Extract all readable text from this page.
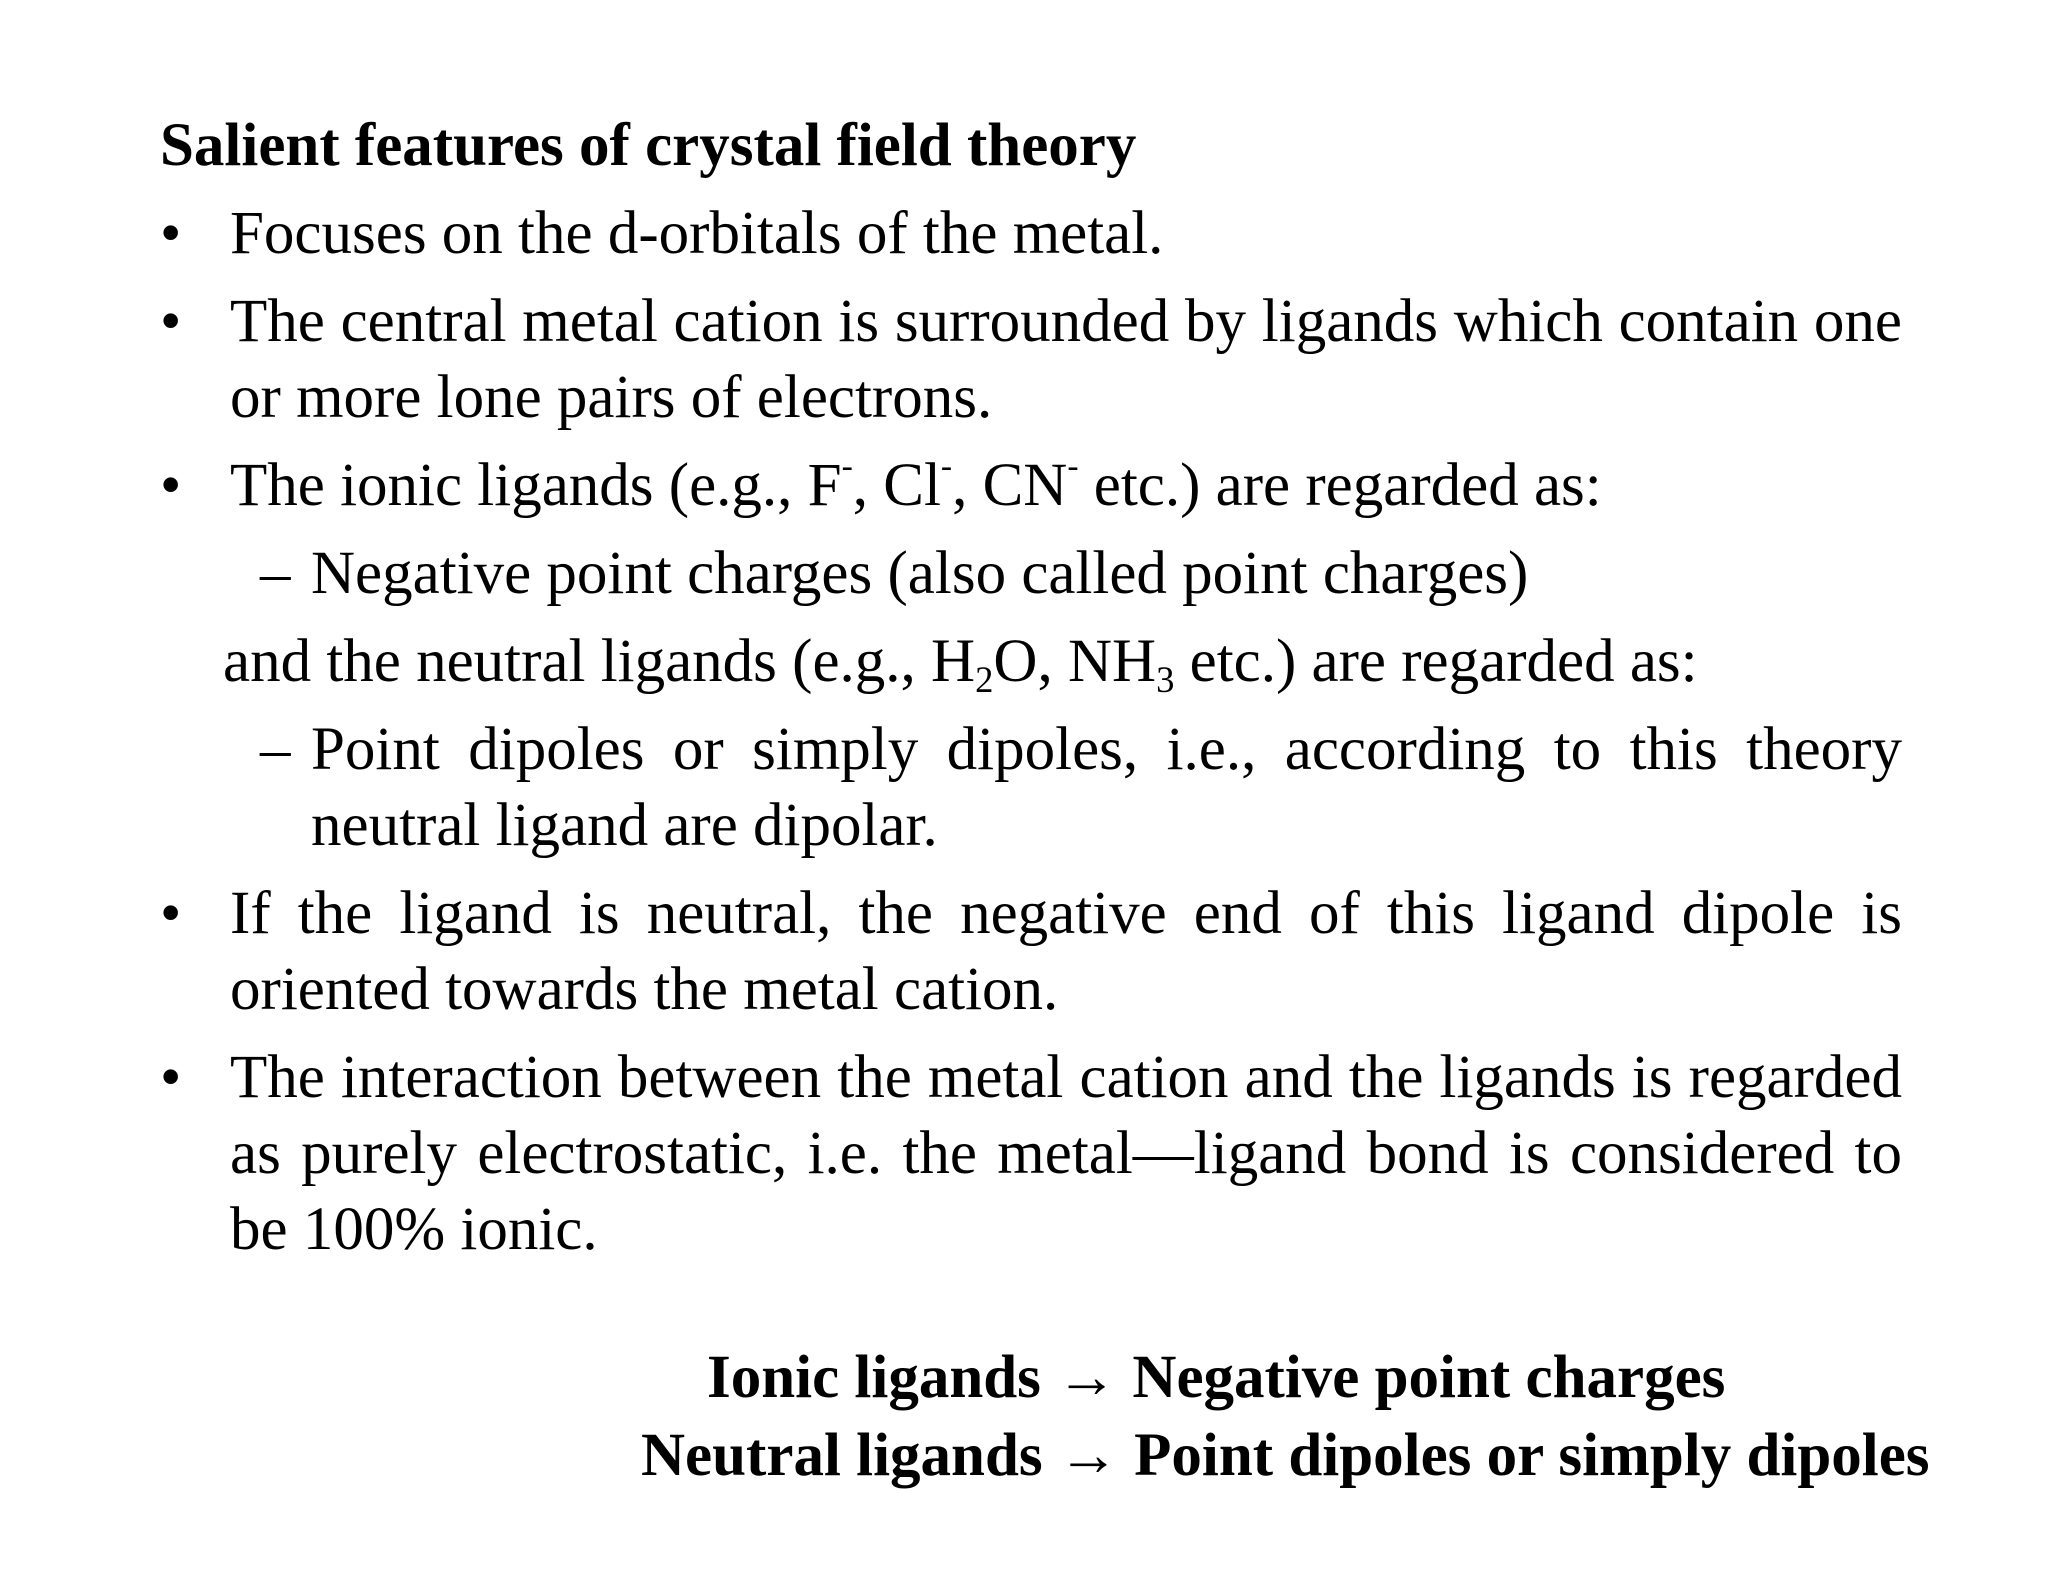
Salient features of crystal field theory
• Focuses on the d-orbitals of the metal.
• The central metal cation is surrounded by ligands which contain one or more lone pairs of electrons.
• The ionic ligands (e.g., F-, Cl-, CN- etc.) are regarded as:
– Negative point charges (also called point charges)
and the neutral ligands (e.g., $H_2O$, $NH_3$ etc.) are regarded as:
– Point dipoles or simply dipoles, i.e., according to this theory neutral ligand are dipolar.
• If the ligand is neutral, the negative end of this ligand dipole is oriented towards the metal cation.
• The interaction between the metal cation and the ligands is regarded as purely electrostatic, i.e. the metal—ligand bond is considered to be 100% ionic.
Ionic ligands → Negative point charges
Neutral ligands → Point dipoles or simply dipoles
